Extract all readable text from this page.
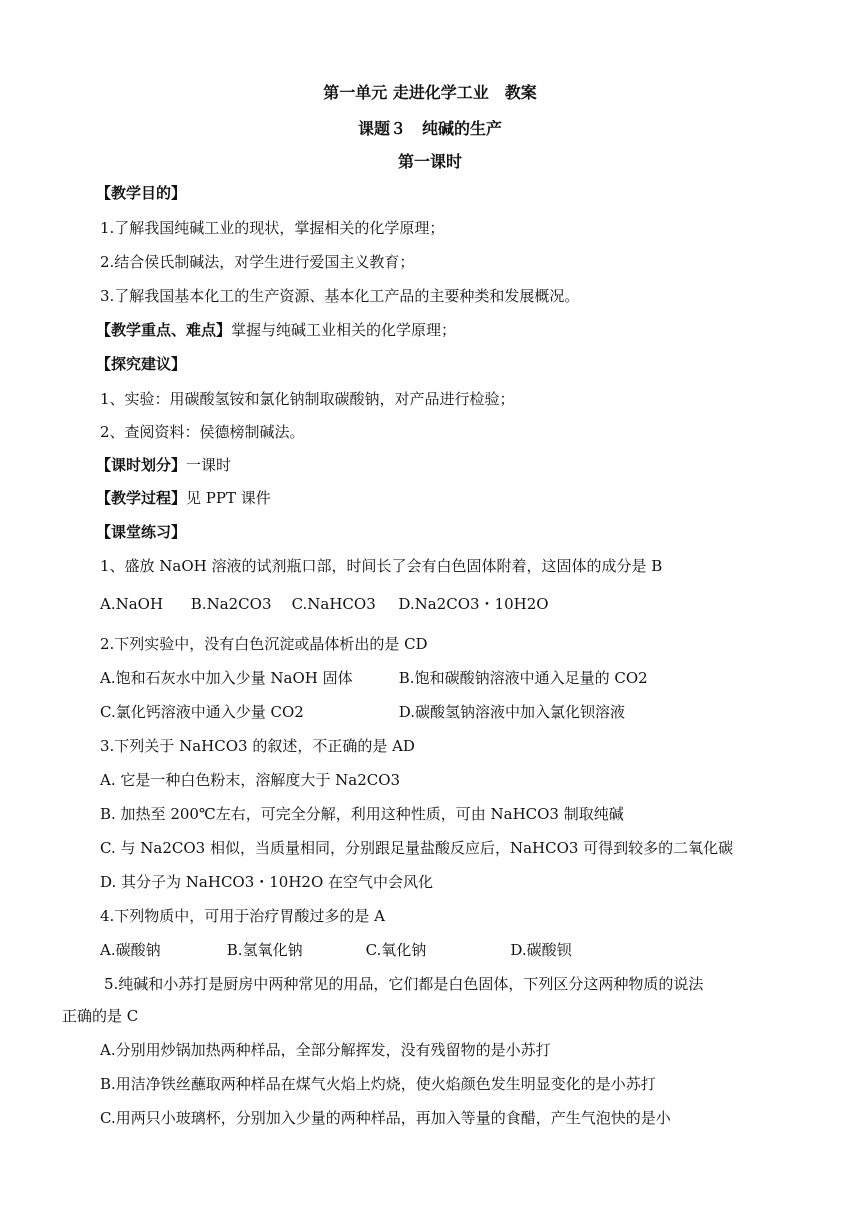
第一单元 走进化学工业　教案
课题３　纯碱的生产
第一课时
【教学目的】
1.了解我国纯碱工业的现状，掌握相关的化学原理；
2.结合侯氏制碱法，对学生进行爱国主义教育；
3.了解我国基本化工的生产资源、基本化工产品的主要种类和发展概况。
【教学重点、难点】掌握与纯碱工业相关的化学原理；
【探究建议】
1、实验：用碳酸氢铵和氯化钠制取碳酸钠，对产品进行检验；
2、查阅资料：侯德榜制碱法。
【课时划分】一课时
【教学过程】见 PPT 课件
【课堂练习】
1、盛放 NaOH 溶液的试剂瓶口部，时间长了会有白色固体附着，这固体的成分是 B
A.NaOH B.Na2CO3 C.NaHCO3 D.Na2CO3・10H2O
2.下列实验中，没有白色沉淀或晶体析出的是 CD
A.饱和石灰水中加入少量 NaOH 固体	B.饱和碳酸钠溶液中通入足量的 CO2
C.氯化钙溶液中通入少量 CO2	D.碳酸氢钠溶液中加入氯化钡溶液
3.下列关于 NaHCO3 的叙述，不正确的是 AD
A. 它是一种白色粉末，溶解度大于 Na2CO3
B. 加热至 200℃左右，可完全分解，利用这种性质，可由 NaHCO3 制取纯碱
C. 与 Na2CO3 相似，当质量相同，分别跟足量盐酸反应后，NaHCO3 可得到较多的二氧化碳
D. 其分子为 NaHCO3・10H2O 在空气中会风化
4.下列物质中，可用于治疗胃酸过多的是 A
A.碳酸钠	B.氢氧化钠	C.氧化钠	D.碳酸钡
5.纯碱和小苏打是厨房中两种常见的用品，它们都是白色固体，下列区分这两种物质的说法
正确的是 C
A.分别用炒锅加热两种样品，全部分解挥发，没有残留物的是小苏打
B.用洁净铁丝蘸取两种样品在煤气火焰上灼烧，使火焰颜色发生明显变化的是小苏打
C.用两只小玻璃杯，分别加入少量的两种样品，再加入等量的食醋，产生气泡快的是小
